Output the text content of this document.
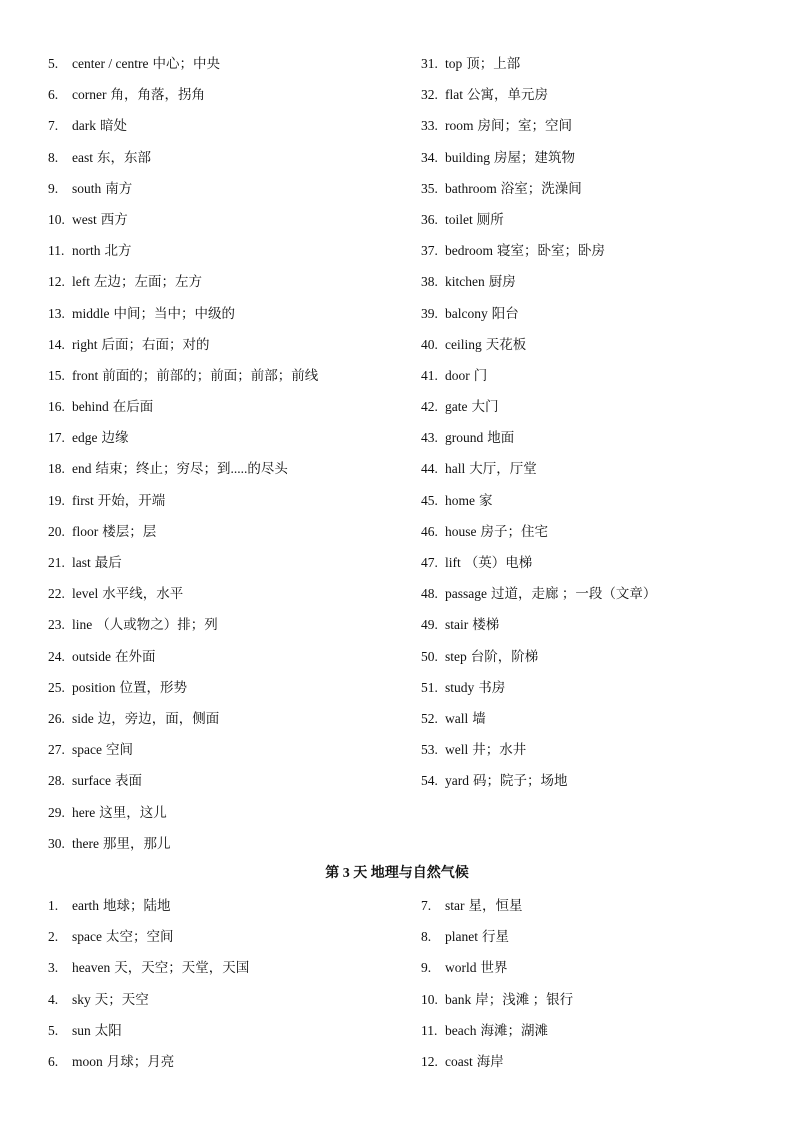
5. center / centre 中心；中央
6. corner 角，角落，拐角
7. dark 暗处
8. east 东，东部
9. south 南方
10. west 西方
11. north 北方
12. left 左边；左面；左方
13. middle 中间；当中；中级的
14. right 后面；右面；对的
15. front 前面的；前部的；前面；前部；前线
16. behind 在后面
17. edge 边缘
18. end 结束；终止；穷尽；到.....的尽头
19. first 开始，开端
20. floor 楼层；层
21. last 最后
22. level 水平线，水平
23. line （人或物之）排；列
24. outside 在外面
25. position 位置，形势
26. side 边，旁边，面，侧面
27. space 空间
28. surface 表面
29. here 这里，这儿
30. there 那里，那儿
31. top 顶；上部
32. flat 公寓，单元房
33. room 房间；室；空间
34. building 房屋；建筑物
35. bathroom 浴室；洗澡间
36. toilet 厕所
37. bedroom 寝室；卧室；卧房
38. kitchen 厨房
39. balcony 阳台
40. ceiling 天花板
41. door 门
42. gate 大门
43. ground 地面
44. hall 大厅，厅堂
45. home 家
46. house 房子；住宅
47. lift （英）电梯
48. passage 过道，走廊 ；一段（文章）
49. stair 楼梯
50. step 台阶，阶梯
51. study 书房
52. wall 墙
53. well 井；水井
54. yard 码；院子；场地
第 3 天 地理与自然气候
1. earth 地球；陆地
2. space 太空；空间
3. heaven 天，天空；天堂，天国
4. sky 天；天空
5. sun 太阳
6. moon 月球；月亮
7. star 星，恒星
8. planet 行星
9. world 世界
10. bank 岸；浅滩 ；银行
11. beach 海滩；湖滩
12. coast 海岸
